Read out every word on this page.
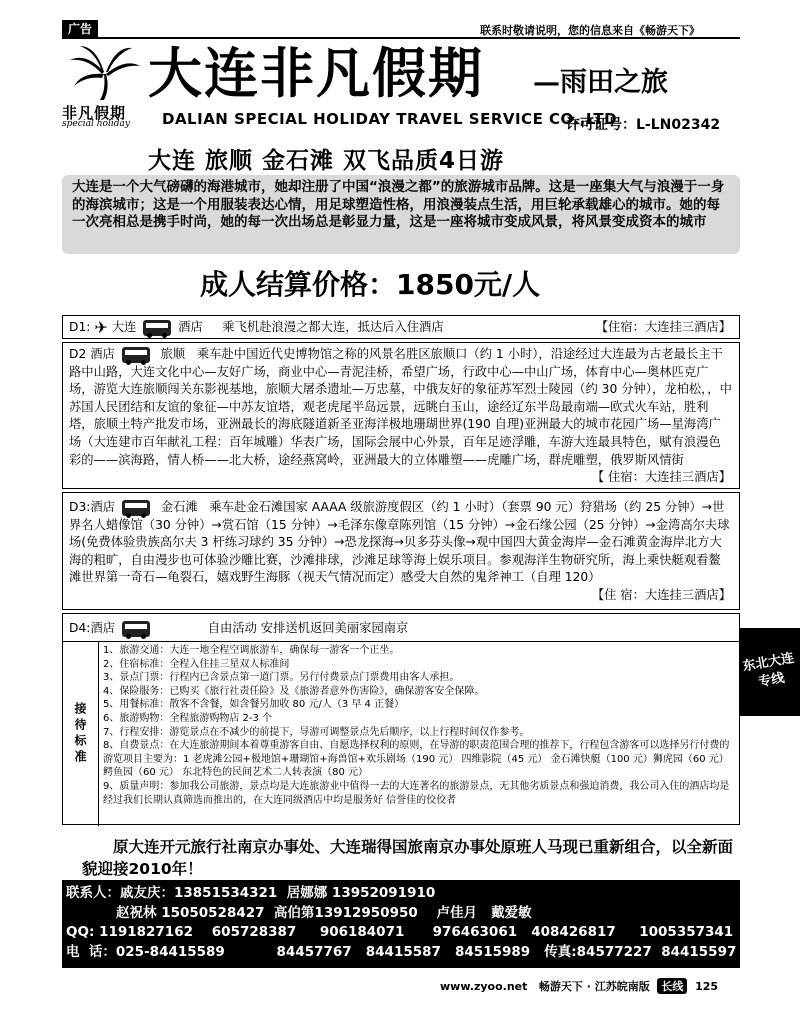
广告	联系时敬请说明，您的信息来自《畅游天下》
非凡假期
special holiday
大连非凡假期 —雨田之旅
DALIAN SPECIAL HOLIDAY TRAVEL SERVICE CO.,LTD
许可证号：L-LN02342
大连 旅顺 金石滩 双飞品质4日游
大连是一个大气磅礴的海港城市，她却注册了中国“浪漫之都”的旅游城市品牌。这是一座集大气与浪漫于一身的海滨城市；这是一个用服装表达心情，用足球塑造性格，用浪漫装点生活，用巨轮承载雄心的城市。她的每一次亮相总是携手时尚，她的每一次出场总是彰显力量，这是一座将城市变成风景，将风景变成资本的城市
成人结算价格：1850元/人
D1: ✈ 大连	酒店 乘飞机赴浪漫之都大连，抵达后入住酒店	【住宿：大连挂三酒店】
D2 酒店	旅顺 乘车赴中国近代史博物馆之称的风景名胜区旅顺口（约 1 小时），沿途经过大连最为古老最长主干路中山路，大连文化中心—友好广场，商业中心—青泥洼桥，希望广场，行政中心—中山广场，体育中心—奥林匹克广场，游览大连旅顺闯关东影视基地，旅顺大屠杀遗址—万忠墓，中俄友好的象征苏军烈士陵园（约 30 分钟），龙柏松，，中苏国人民团结和友谊的象征—中苏友谊塔，观老虎尾半岛远景，远眺白玉山，途经辽东半岛最南端—欧式火车站，胜利塔，旅顺土特产批发市场，亚洲最长的海底隧道新圣亚海洋极地珊瑚世界(190 自理)亚洲最大的城市花园广场—星海湾广场（大连建市百年献礼工程：百年城雕）华表广场，国际会展中心外景，百年足迹浮雕，车游大连最具特色，赋有浪漫色彩的——滨海路，情人桥——北大桥，途经燕窝岭，亚洲最大的立体雕塑——虎雕广场，群虎雕塑，俄罗斯风情街
【 住宿：大连挂三酒店】
D3:酒店	金石滩 乘车赴金石滩国家 AAAA 级旅游度假区（约 1 小时）（套票 90 元）狩猎场（约 25 分钟）→世界名人蜡像馆（30 分钟）→赏石馆（15 分钟）→毛泽东像章陈列馆（15 分钟）→金石缘公园（25 分钟）→金湾高尔夫球场(免费体验贵族高尔夫 3 杆练习球约 35 分钟）→恐龙探海→贝多芬头像→观中国四大黄金海岸—金石滩黄金海岸北方大海的粗旷，自由漫步也可体验沙雕比赛，沙滩排球，沙滩足球等海上娱乐项目。参观海洋生物研究所，海上乘快艇观看鳌滩世界第一奇石—龟裂石，嬉戏野生海豚（视天气情况而定）感受大自然的鬼斧神工（自理 120）
【住 宿：大连挂三酒店】
D4:酒店	自由活动 安排送机返回美丽家园南京
接待标准
1、旅游交通：大连一地全程空调旅游车，确保每一游客一个正坐。
2、住宿标准：全程入住挂三星双人标准间
3、景点门票：行程内已含景点第一道门票。另行付费景点门票费用由客人承担。
4、保险服务：已购买《旅行社责任险》及《旅游者意外伤害险》，确保游客安全保障。
5、用餐标准：散客不含餐，如含餐另加收 80 元/人（3 早 4 正餐）
6、旅游购物：全程旅游购物店 2-3 个
7、行程安排：游览景点在不减少的前提下，导游可调整景点先后顺序，以上行程时间仅作参考。
8、自费景点：在大连旅游期间本着尊重游客自由、自愿选择权利的原则，在导游的职责范围合理的推荐下，行程包含游客可以选择另行付费的游览项目主要为：1 老虎滩公园+极地馆+珊瑚馆+海兽馆+欢乐剧场（190 元） 四维影院（45 元） 金石滩快艇（100 元）狮虎园（60 元） 鳄鱼园（60 元） 东北特色的民间艺术二人转表演（80 元）
9、质量声明：参加我公司旅游，景点均是大连旅游业中值得一去的大连著名的旅游景点，无其他劣质景点和强迫消费，我公司入住的酒店均是经过我们长期认真筛选而推出的，在大连同级酒店中均是服务好 信誉佳的佼佼者
东北大连专线
原大连开元旅行社南京办事处、大连瑞得国旅南京办事处原班人马现已重新组合，以全新面貌迎接2010年！
联系人：戚友庆：13851534321  居娜娜 13952091910
赵祝林 15050528427  高伯第13912950950    卢佳月   戴爱敏
QQ: 1191827162    605728387     906184071      976463061   408426817     1005357341
电  话：025-84415589           84457767   84415587   84515989   传真:84577227  84415597
www.zyoo.net 畅游天下 · 江苏皖南版 长线 125
